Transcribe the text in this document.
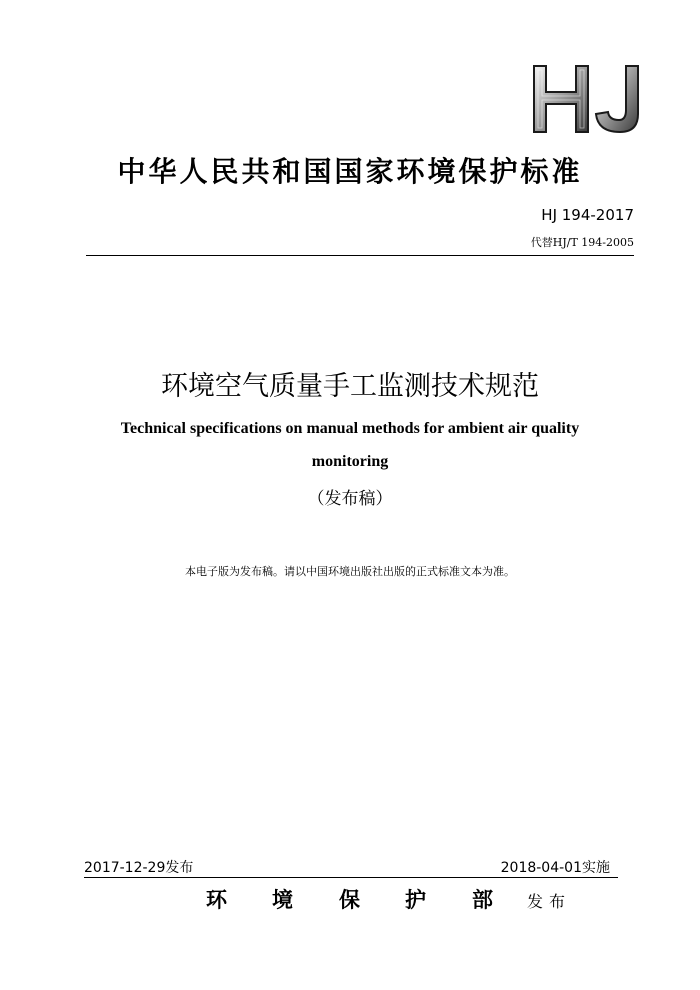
中华人民共和国国家环境保护标准
HJ 194-2017
代替HJ/T 194-2005
环境空气质量手工监测技术规范
Technical specifications on manual methods for ambient air quality
monitoring
（发布稿）
本电子版为发布稿。请以中国环境出版社出版的正式标准文本为准。
2017-12-29发布	2018-04-01实施
环 境 保 护 部 发布
